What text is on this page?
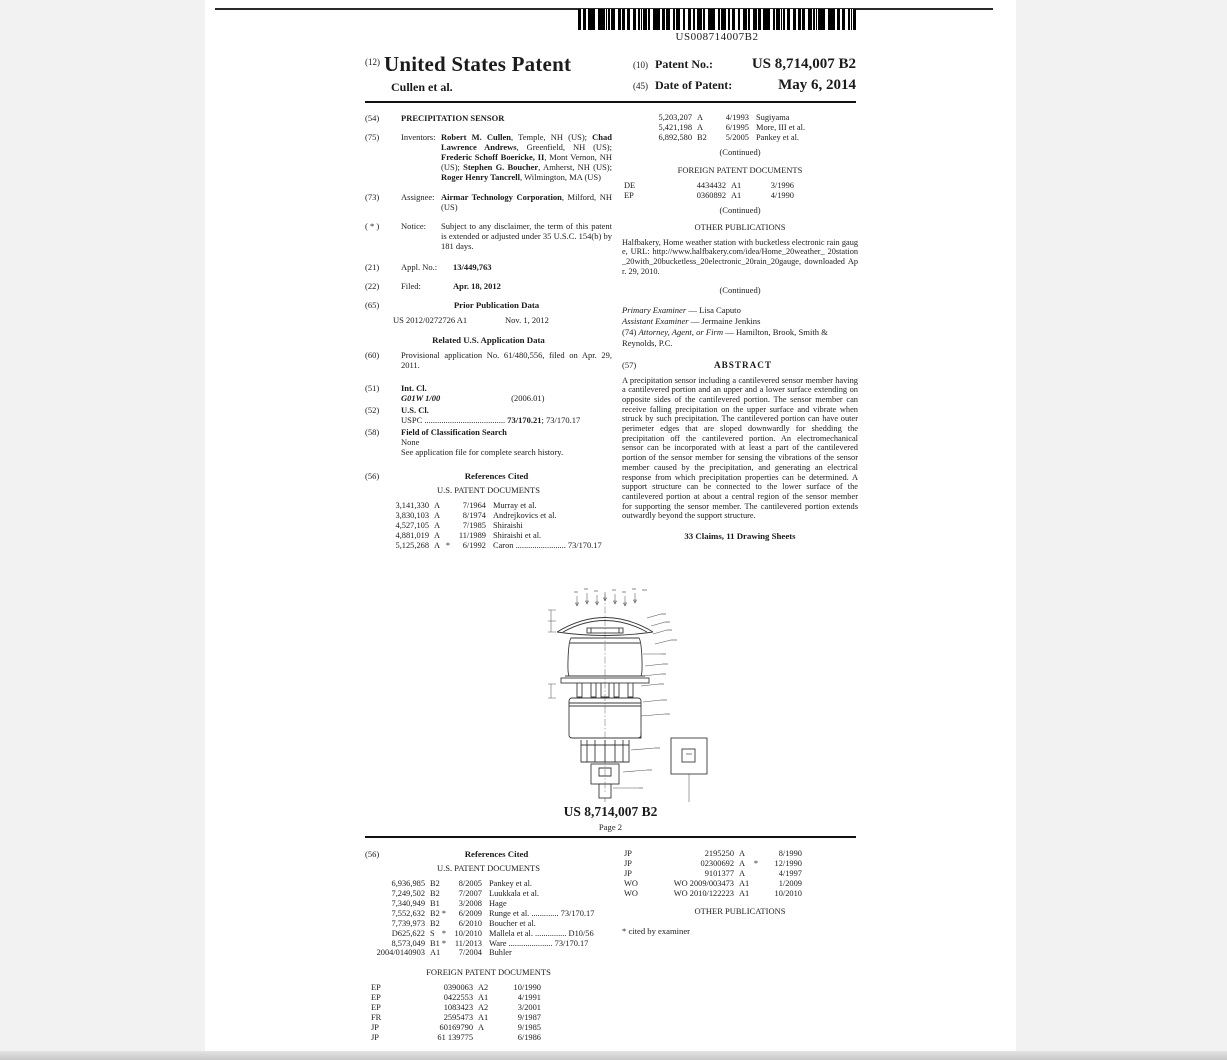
US008714007B2
$^{(12)}$ United States Patent
Cullen et al.
(10) Patent No.:	US 8,714,007 B2
(45) Date of Patent:	May 6, 2014
(54)	PRECIPITATION SENSOR
(75)	Inventors: Robert M. Cullen, Temple, NH (US); Chad Lawrence Andrews, Greenfield, NH (US); Frederic Schoff Boericke, II, Mont Vernon, NH (US); Stephen G. Boucher, Amherst, NH (US); Roger Henry Tancrell, Wilmington, MA (US)
(73)	Assignee: Airmar Technology Corporation, Milford, NH (US)
( * )	Notice:	Subject to any disclaimer, the term of this patent is extended or adjusted under 35 U.S.C. 154(b) by 181 days.
(21)	Appl. No.:	13/449,763
(22)	Filed:	Apr. 18, 2012
(65)	Prior Publication Data
US 2012/0272726 A1	Nov. 1, 2012
Related U.S. Application Data
(60)	Provisional application No. 61/480,556, filed on Apr. 29, 2011.
(51)	Int. Cl.
G01W 1/00	(2006.01)
(52)	U.S. Cl.
USPC ...................................... 73/170.21; 73/170.17
(58)	Field of Classification Search
None
See application file for complete search history.
(56)	References Cited
U.S. PATENT DOCUMENTS
3,141,330 A	7/1964 Murray et al.
3,830,103 A	8/1974 Andrejkovics et al.
4,527,105 A	7/1985 Shiraishi
4,881,019 A	11/1989 Shiraishi et al.
5,125,268 A *	6/1992 Caron ........................ 73/170.17
5,203,207 A	4/1993 Sugiyama
5,421,198 A	6/1995 More, III et al.
6,892,580 B2	5/2005 Pankey et al.
(Continued)
FOREIGN PATENT DOCUMENTS
DE	4434432 A1	3/1996
EP	0360892 A1	4/1990
(Continued)
OTHER PUBLICATIONS

Halfbakery, Home weather station with bucketless electronic rain gauge, URL: http://www.halfbakery.com/idea/Home_20weather_ 20station_20with_20bucketless_20electronic_20rain_20gauge, downloaded Apr. 29, 2010.

(Continued)

Primary Examiner — Lisa Caputo

Assistant Examiner — Jermaine Jenkins

(74) Attorney, Agent, or Firm — Hamilton, Brook, Smith & Reynolds, P.C.

(57)	ABSTRACT

A precipitation sensor including a cantilevered sensor member having a cantilevered portion and an upper and a lower surface extending on opposite sides of the cantilevered portion. The sensor member can receive falling precipitation on the upper surface and vibrate when struck by such precipitation. The cantilevered portion can have outer perimeter edges that are sloped downwardly for shedding the precipitation off the cantilevered portion. An electromechanical sensor can be incorporated with at least a part of the cantilevered portion of the sensor member for sensing the vibrations of the sensor member caused by the precipitation, and generating an electrical response from which precipitation properties can be determined. A support structure can be connected to the lower surface of the cantilevered portion at about a central region of the sensor member for supporting the sensor member. The cantilevered portion extends outwardly beyond the support structure.

33 Claims, 11 Drawing Sheets
US 8,714,007 B2
Page 2
(56)	References Cited
U.S. PATENT DOCUMENTS
6,936,985 B2	8/2005 Pankey et al.
7,249,502 B2	7/2007 Luukkala et al.
7,340,949 B1	3/2008 Hage
7,552,632 B2 *	6/2009 Runge et al. ............. 73/170.17
7,739,973 B2	6/2010 Boucher et al.
D625,622 S *	10/2010 Mallela et al. ............... D10/56
8,573,049 B1 *	11/2013 Ware ..................... 73/170.17
2004/0140903 A1	7/2004 Buhler
FOREIGN PATENT DOCUMENTS
EP	0390063 A2	10/1990
EP	0422553 A1	4/1991
EP	1083423 A2	3/2001
FR	2595473 A1	9/1987
JP	60169790 A	9/1985
JP	61 139775	6/1986
JP	2195250 A	8/1990
JP	02300692 A	*	12/1990
JP	9101377 A	4/1997
WO	WO 2009/003473 A1	1/2009
WO	WO 2010/122223 A1	10/2010
OTHER PUBLICATIONS

* cited by examiner
